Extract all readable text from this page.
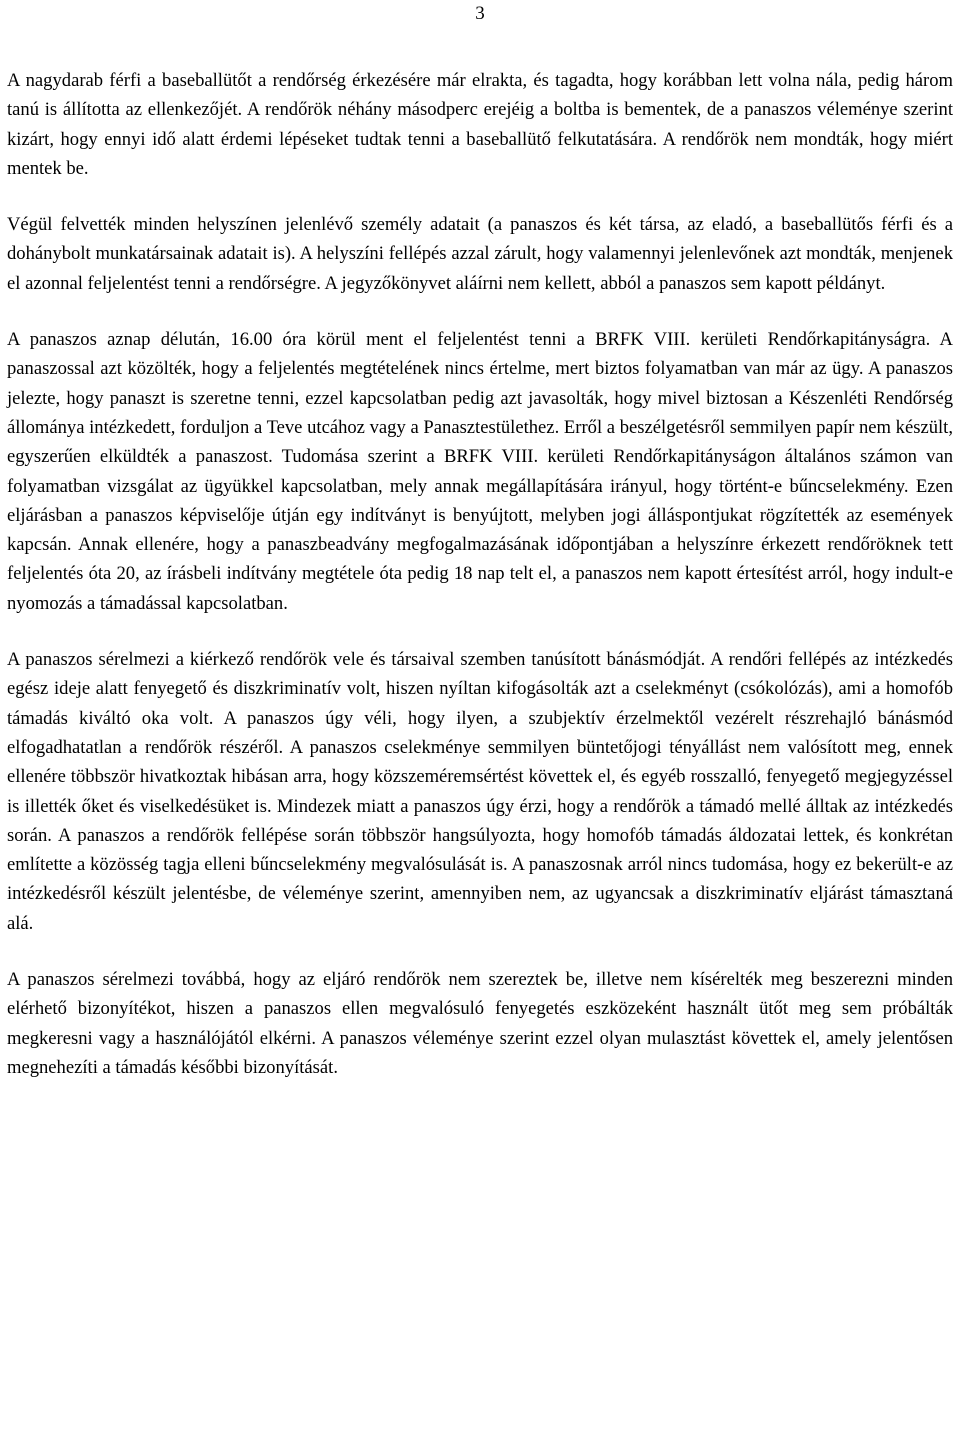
3

A nagydarab férfi a baseballütőt a rendőrség érkezésére már elrakta, és tagadta, hogy korábban lett volna nála, pedig három tanú is állította az ellenkezőjét. A rendőrök néhány másodperc erejéig a boltba is bementek, de a panaszos véleménye szerint kizárt, hogy ennyi idő alatt érdemi lépéseket tudtak tenni a baseballütő felkutatására. A rendőrök nem mondták, hogy miért mentek be.

Végül felvették minden helyszínen jelenlévő személy adatait (a panaszos és két társa, az eladó, a baseballütős férfi és a dohánybolt munkatársainak adatait is). A helyszíni fellépés azzal zárult, hogy valamennyi jelenlevőnek azt mondták, menjenek el azonnal feljelentést tenni a rendőrségre. A jegyzőkönyvet aláírni nem kellett, abból a panaszos sem kapott példányt.

A panaszos aznap délután, 16.00 óra körül ment el feljelentést tenni a BRFK VIII. kerületi Rendőrkapitányságra. A panaszossal azt közölték, hogy a feljelentés megtételének nincs értelme, mert biztos folyamatban van már az ügy. A panaszos jelezte, hogy panaszt is szeretne tenni, ezzel kapcsolatban pedig azt javasolták, hogy mivel biztosan a Készenléti Rendőrség állománya intézkedett, forduljon a Teve utcához vagy a Panasztestülethez. Erről a beszélgetésről semmilyen papír nem készült, egyszerűen elküldték a panaszost. Tudomása szerint a BRFK VIII. kerületi Rendőrkapitányságon általános számon van folyamatban vizsgálat az ügyükkel kapcsolatban, mely annak megállapítására irányul, hogy történt-e bűncselekmény. Ezen eljárásban a panaszos képviselője útján egy indítványt is benyújtott, melyben jogi álláspontjukat rögzítették az események kapcsán. Annak ellenére, hogy a panaszbeadvány megfogalmazásának időpontjában a helyszínre érkezett rendőröknek tett feljelentés óta 20, az írásbeli indítvány megtétele óta pedig 18 nap telt el, a panaszos nem kapott értesítést arról, hogy indult-e nyomozás a támadással kapcsolatban.

A panaszos sérelmezi a kiérkező rendőrök vele és társaival szemben tanúsított bánásmódját. A rendőri fellépés az intézkedés egész ideje alatt fenyegető és diszkriminatív volt, hiszen nyíltan kifogásolták azt a cselekményt (csókolózás), ami a homofób támadás kiváltó oka volt. A panaszos úgy véli, hogy ilyen, a szubjektív érzelmektől vezérelt részrehajló bánásmód elfogadhatatlan a rendőrök részéről. A panaszos cselekménye semmilyen büntetőjogi tényállást nem valósított meg, ennek ellenére többször hivatkoztak hibásan arra, hogy közszeméremsértést követtek el, és egyéb rosszalló, fenyegető megjegyzéssel is illették őket és viselkedésüket is. Mindezek miatt a panaszos úgy érzi, hogy a rendőrök a támadó mellé álltak az intézkedés során. A panaszos a rendőrök fellépése során többször hangsúlyozta, hogy homofób támadás áldozatai lettek, és konkrétan említette a közösség tagja elleni bűncselekmény megvalósulását is. A panaszosnak arról nincs tudomása, hogy ez bekerült-e az intézkedésről készült jelentésbe, de véleménye szerint, amennyiben nem, az ugyancsak a diszkriminatív eljárást támasztaná alá.

A panaszos sérelmezi továbbá, hogy az eljáró rendőrök nem szereztek be, illetve nem kísérelték meg beszerezni minden elérhető bizonyítékot, hiszen a panaszos ellen megvalósuló fenyegetés eszközeként használt ütőt meg sem próbálták megkeresni vagy a használójától elkérni. A panaszos véleménye szerint ezzel olyan mulasztást követtek el, amely jelentősen megnehezíti a támadás későbbi bizonyítását.
